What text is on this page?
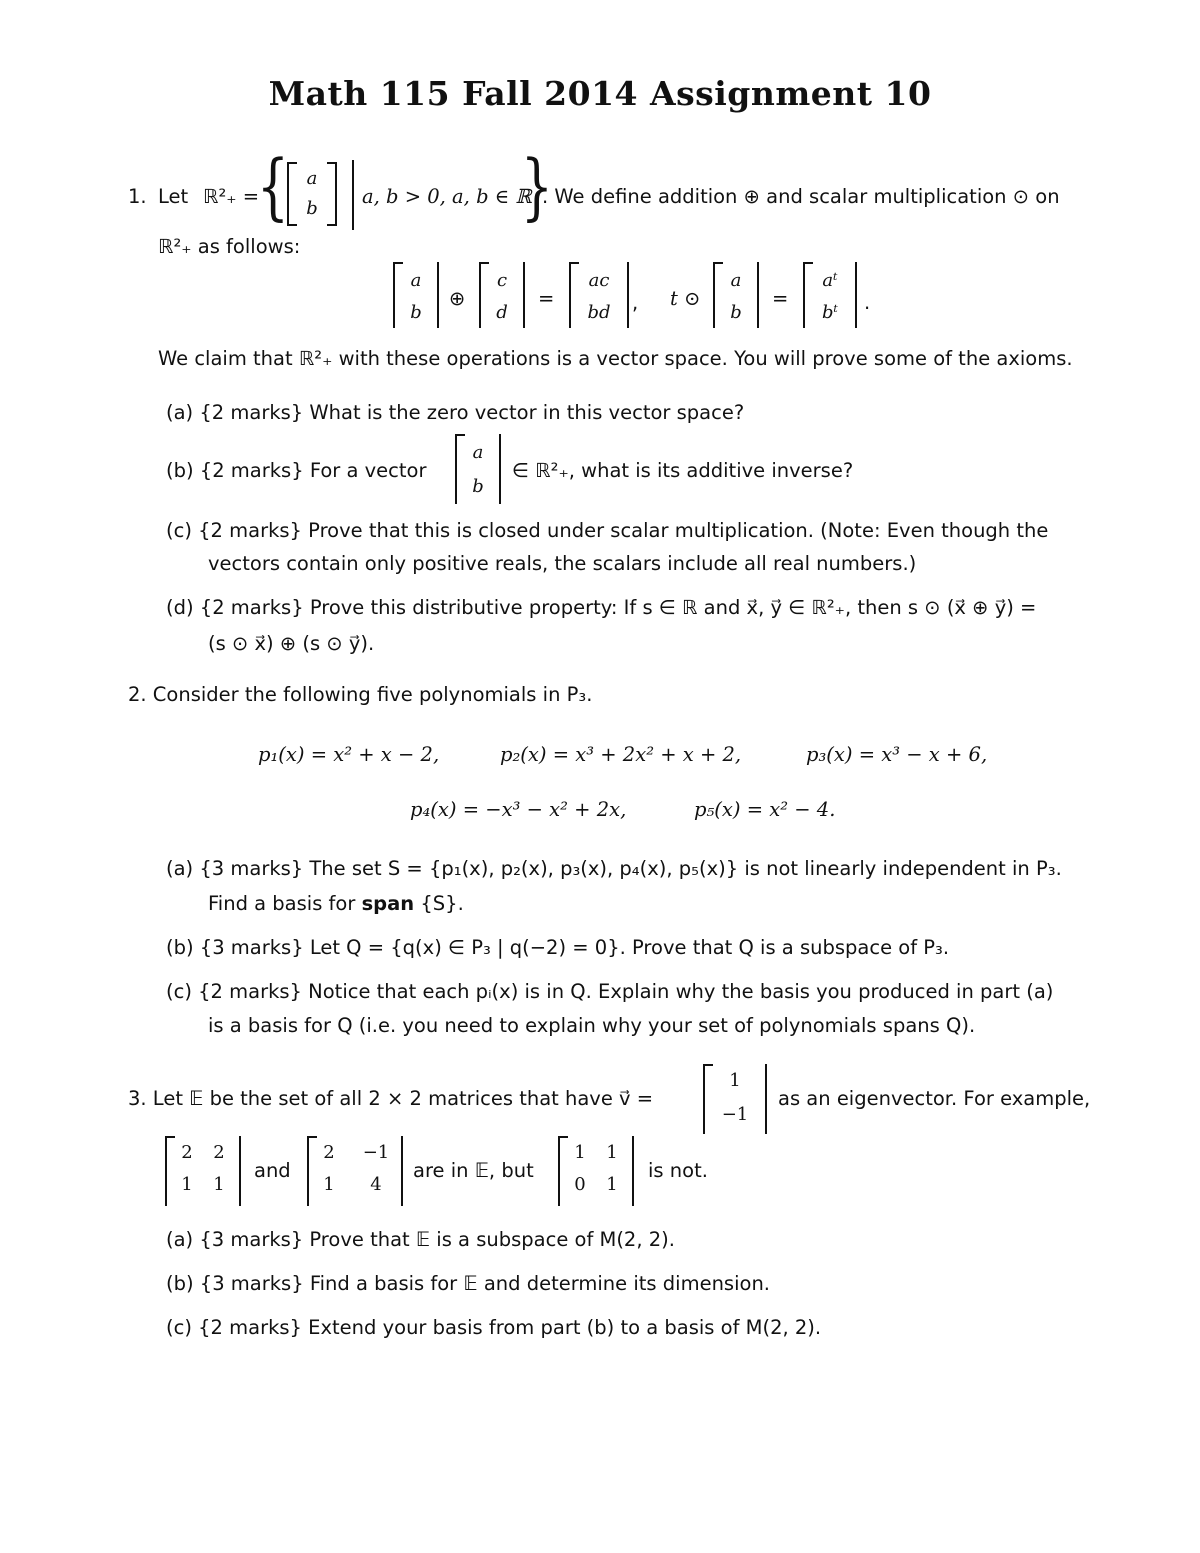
Math 115 Fall 2014 Assignment 10
1. Let ℝ²₊ =
{ a
b
a, b > 0, a, b ∈ ℝ
}
. We define addition ⊕ and scalar multiplication ⊙ on
ℝ²₊ as follows:
a
b
⊕
c
d
=
ac
bd	, t ⊙
a
b
=
aᵗ
bᵗ	.
We claim that ℝ²₊ with these operations is a vector space. You will prove some of the axioms.
(a) {2 marks} What is the zero vector in this vector space?
(b) {2 marks} For a vector
a
b
∈ ℝ²₊, what is its additive inverse?
(c) {2 marks} Prove that this is closed under scalar multiplication. (Note: Even though the
vectors contain only positive reals, the scalars include all real numbers.)
(d) {2 marks} Prove this distributive property: If s ∈ ℝ and x⃗, y⃗ ∈ ℝ²₊, then s ⊙ (x⃗ ⊕ y⃗) =
(s ⊙ x⃗) ⊕ (s ⊙ y⃗).
2. Consider the following five polynomials in P₃.
p₁(x) = x² + x − 2,	p₂(x) = x³ + 2x² + x + 2,	p₃(x) = x³ − x + 6,
p₄(x) = −x³ − x² + 2x,	p₅(x) = x² − 4.
(a) {3 marks} The set S = {p₁(x), p₂(x), p₃(x), p₄(x), p₅(x)} is not linearly independent in P₃.
Find a basis for span {S}.
(b) {3 marks} Let Q = {q(x) ∈ P₃ | q(−2) = 0}. Prove that Q is a subspace of P₃.
(c) {2 marks} Notice that each pᵢ(x) is in Q. Explain why the basis you produced in part (a)
is a basis for Q (i.e. you need to explain why your set of polynomials spans Q).
3. Let 𝔼 be the set of all 2 × 2 matrices that have v⃗ =
1
−1
as an eigenvector. For example,
2	2
1	1
and
2	−1
1	4
are in 𝔼, but
1	1
0	1
is not.
(a) {3 marks} Prove that 𝔼 is a subspace of M(2, 2).
(b) {3 marks} Find a basis for 𝔼 and determine its dimension.
(c) {2 marks} Extend your basis from part (b) to a basis of M(2, 2).
